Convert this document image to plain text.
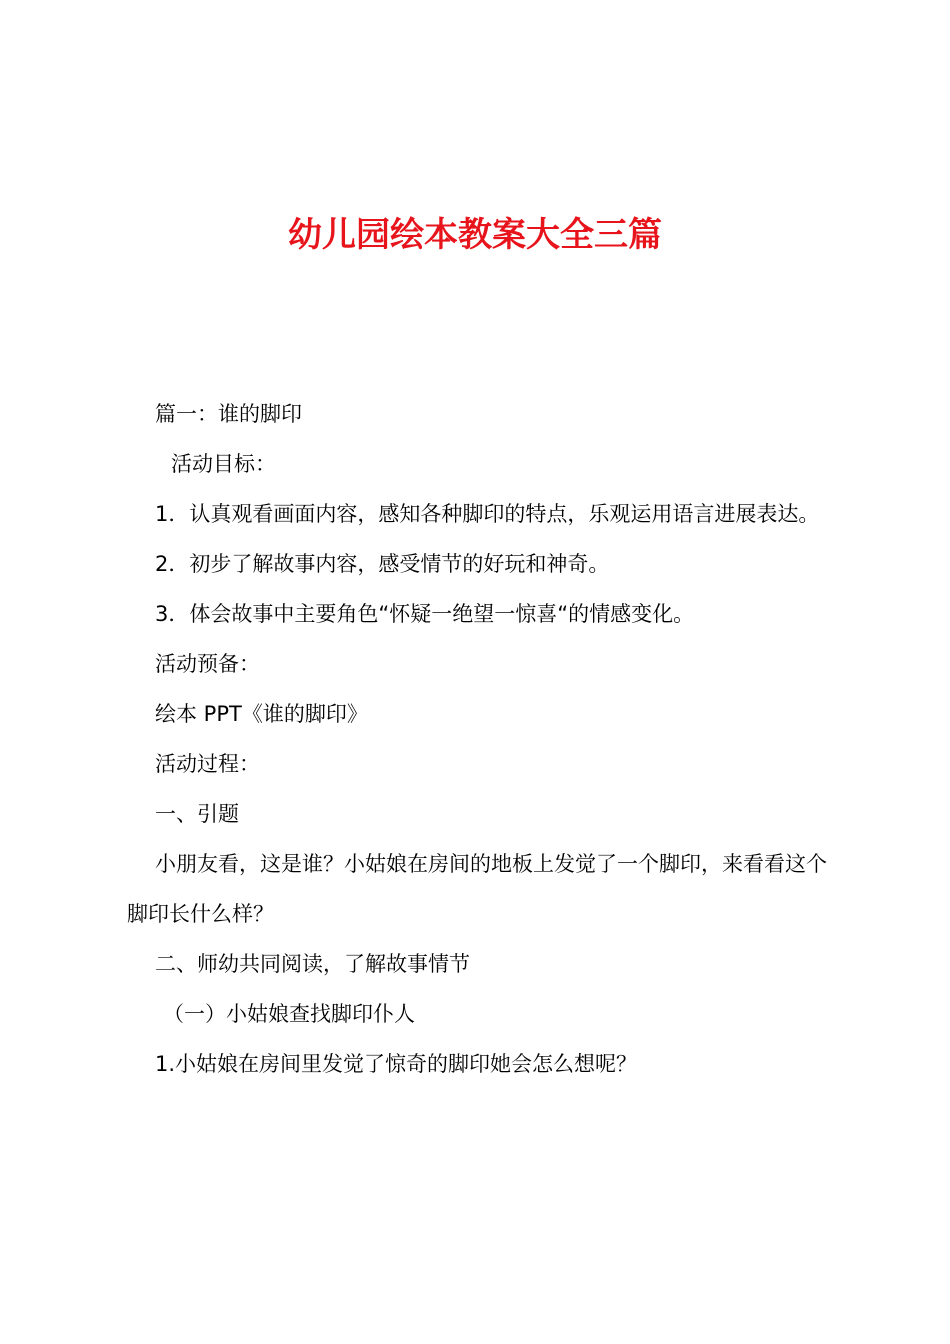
幼儿园绘本教案大全三篇

篇一：谁的脚印

活动目标：

1．认真观看画面内容，感知各种脚印的特点，乐观运用语言进展表达。

2．初步了解故事内容，感受情节的好玩和神奇。

3．体会故事中主要角色“怀疑一绝望一惊喜“的情感变化。

活动预备：

绘本 PPT《谁的脚印》

活动过程：

一、引题

小朋友看，这是谁？小姑娘在房间的地板上发觉了一个脚印，来看看这个脚印长什么样？

二、师幼共同阅读，了解故事情节

（一）小姑娘查找脚印仆人

1.小姑娘在房间里发觉了惊奇的脚印她会怎么想呢？
